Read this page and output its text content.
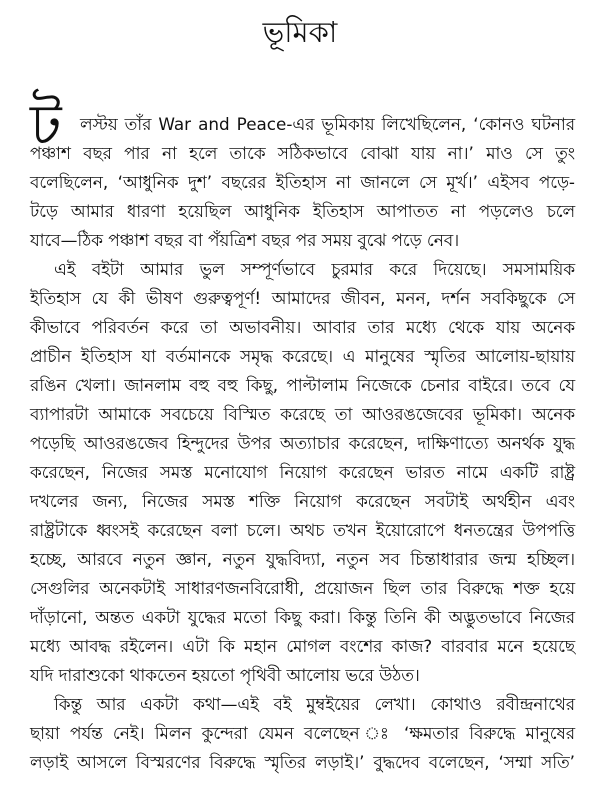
ভূমিকা
ট লস্টয় তাঁর War and Peace-এর ভূমিকায় লিখেছিলেন, ‘কোনও ঘটনার
পঞ্চাশ বছর পার না হলে তাকে সঠিকভাবে বোঝা যায় না।’ মাও সে তুং
বলেছিলেন, ‘আধুনিক দুশ’ বছরের ইতিহাস না জানলে সে মূর্খ।’ এইসব পড়ে-
টড়ে আমার ধারণা হয়েছিল আধুনিক ইতিহাস আপাতত না পড়লেও চলে
যাবে—ঠিক পঞ্চাশ বছর বা পঁয়ত্রিশ বছর পর সময় বুঝে পড়ে নেব।
এই বইটা আমার ভুল সম্পূর্ণভাবে চুরমার করে দিয়েছে। সমসাময়িক
ইতিহাস যে কী ভীষণ গুরুত্বপূর্ণ! আমাদের জীবন, মনন, দর্শন সবকিছুকে সে
কীভাবে পরিবর্তন করে তা অভাবনীয়। আবার তার মধ্যে থেকে যায় অনেক
প্রাচীন ইতিহাস যা বর্তমানকে সমৃদ্ধ করেছে। এ মানুষের স্মৃতির আলোয়-ছায়ায়
রঙিন খেলা। জানলাম বহু বহু কিছু, পাল্টালাম নিজেকে চেনার বাইরে। তবে যে
ব্যাপারটা আমাকে সবচেয়ে বিস্মিত করেছে তা আওরঙজেবের ভূমিকা। অনেক
পড়েছি আওরঙজেব হিন্দুদের উপর অত্যাচার করেছেন, দাক্ষিণাত্যে অনর্থক যুদ্ধ
করেছেন, নিজের সমস্ত মনোযোগ নিয়োগ করেছেন ভারত নামে একটি রাষ্ট্র
দখলের জন্য, নিজের সমস্ত শক্তি নিয়োগ করেছেন সবটাই অর্থহীন এবং
রাষ্ট্রটাকে ধ্বংসই করেছেন বলা চলে। অথচ তখন ইয়োরোপে ধনতন্ত্রের উপপত্তি
হচ্ছে, আরবে নতুন জ্ঞান, নতুন যুদ্ধবিদ্যা, নতুন সব চিন্তাধারার জন্ম হচ্ছিল।
সেগুলির অনেকটাই সাধারণজনবিরোধী, প্রয়োজন ছিল তার বিরুদ্ধে শক্ত হয়ে
দাঁড়ানো, অন্তত একটা যুদ্ধের মতো কিছু করা। কিন্তু তিনি কী অদ্ভুতভাবে নিজের
মধ্যে আবদ্ধ রইলেন। এটা কি মহান মোগল বংশের কাজ? বারবার মনে হয়েছে
যদি দারাশুকো থাকতেন হয়তো পৃথিবী আলোয় ভরে উঠত।
কিন্তু আর একটা কথা—এই বই মুম্বইয়ের লেখা। কোথাও রবীন্দ্রনাথের
ছায়া পর্যন্ত নেই। মিলন কুন্দেরা যেমন বলেছেন ঃ ‘ক্ষমতার বিরুদ্ধে মানুষের
লড়াই আসলে বিস্মরণের বিরুদ্ধে স্মৃতির লড়াই।’ বুদ্ধদেব বলেছেন, ‘সম্মা সতি’
